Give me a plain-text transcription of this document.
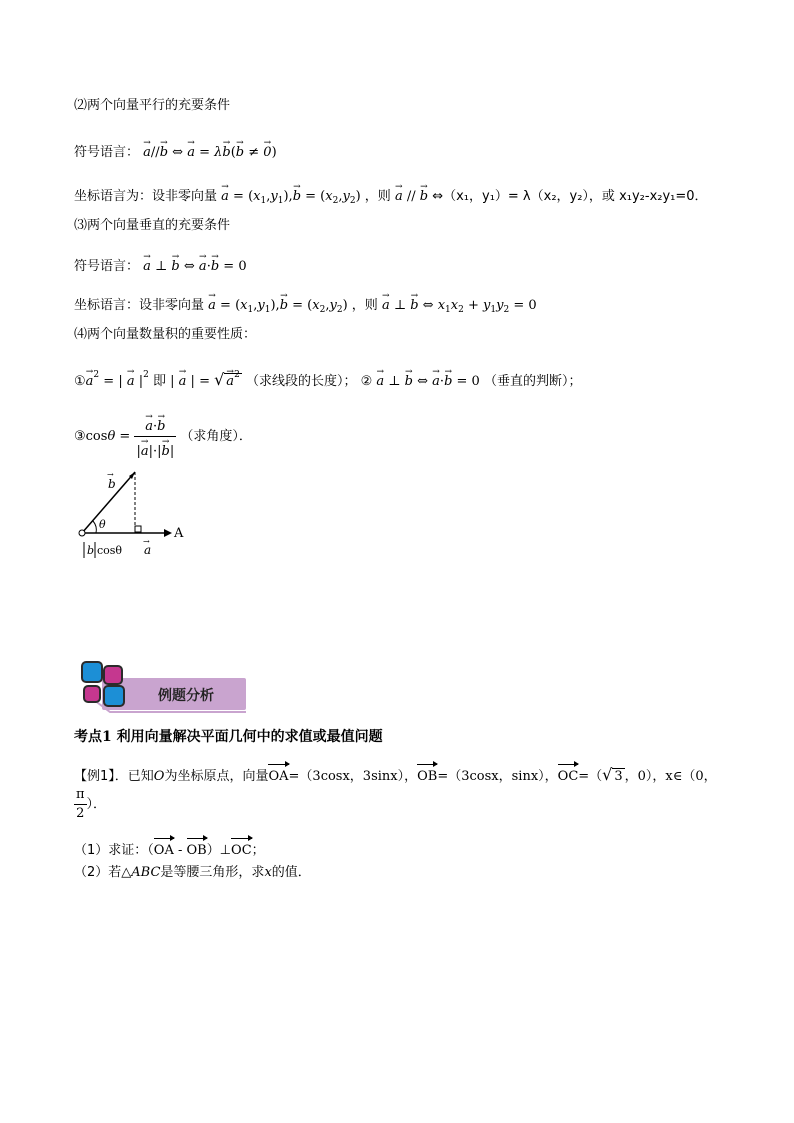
⑵两个向量平行的充要条件
符号语言： → a//→ b ⇔ → a = λ→ b(→ b ≠ → 0)
坐标语言为：设非零向量 → $a = (x_1,y_1),\to b = (x_2,y_2)$ ，则 → a // → b ⇔（x₁，y₁）= λ（x₂，y₂），或 x₁y₂-x₂y₁=0．
⑶两个向量垂直的充要条件
符号语言： → a ⊥ → b ⇔ → a·→ b = 0
坐标语言：设非零向量 → $a = (x_1,y_1),\to b = (x_2,y_2)$ ，则 → a ⊥ → b ⇔ $x_1x_2 + y_1y_2 = 0$
⑷两个向量数量积的重要性质：
①→ $a^2$ = | → a $|^2$ 即 | → a | = √ → $a^2$ （求线段的长度）； ② → a ⊥ → b ⇔ → a·→ b = 0 （垂直的判断）；
③cosθ = → $\frac{a\cdot\to b}{|\to a|\cdot|\to b|}$ （求角度）．
θ
b
→
A
a
→
b cosθ
例题分析
考点1 利用向量解决平面几何中的求值或最值问题
【例1】．已知O为坐标原点，向量OA=（3cosx，3sinx），OB=（3cosx，sinx），OC=（√ 3 ，0），x∈（0，
$\frac{\pi}{2}$ ）．
（1）求证：（OA - OB）⊥OC；
（2）若△ABC是等腰三角形，求x的值．
